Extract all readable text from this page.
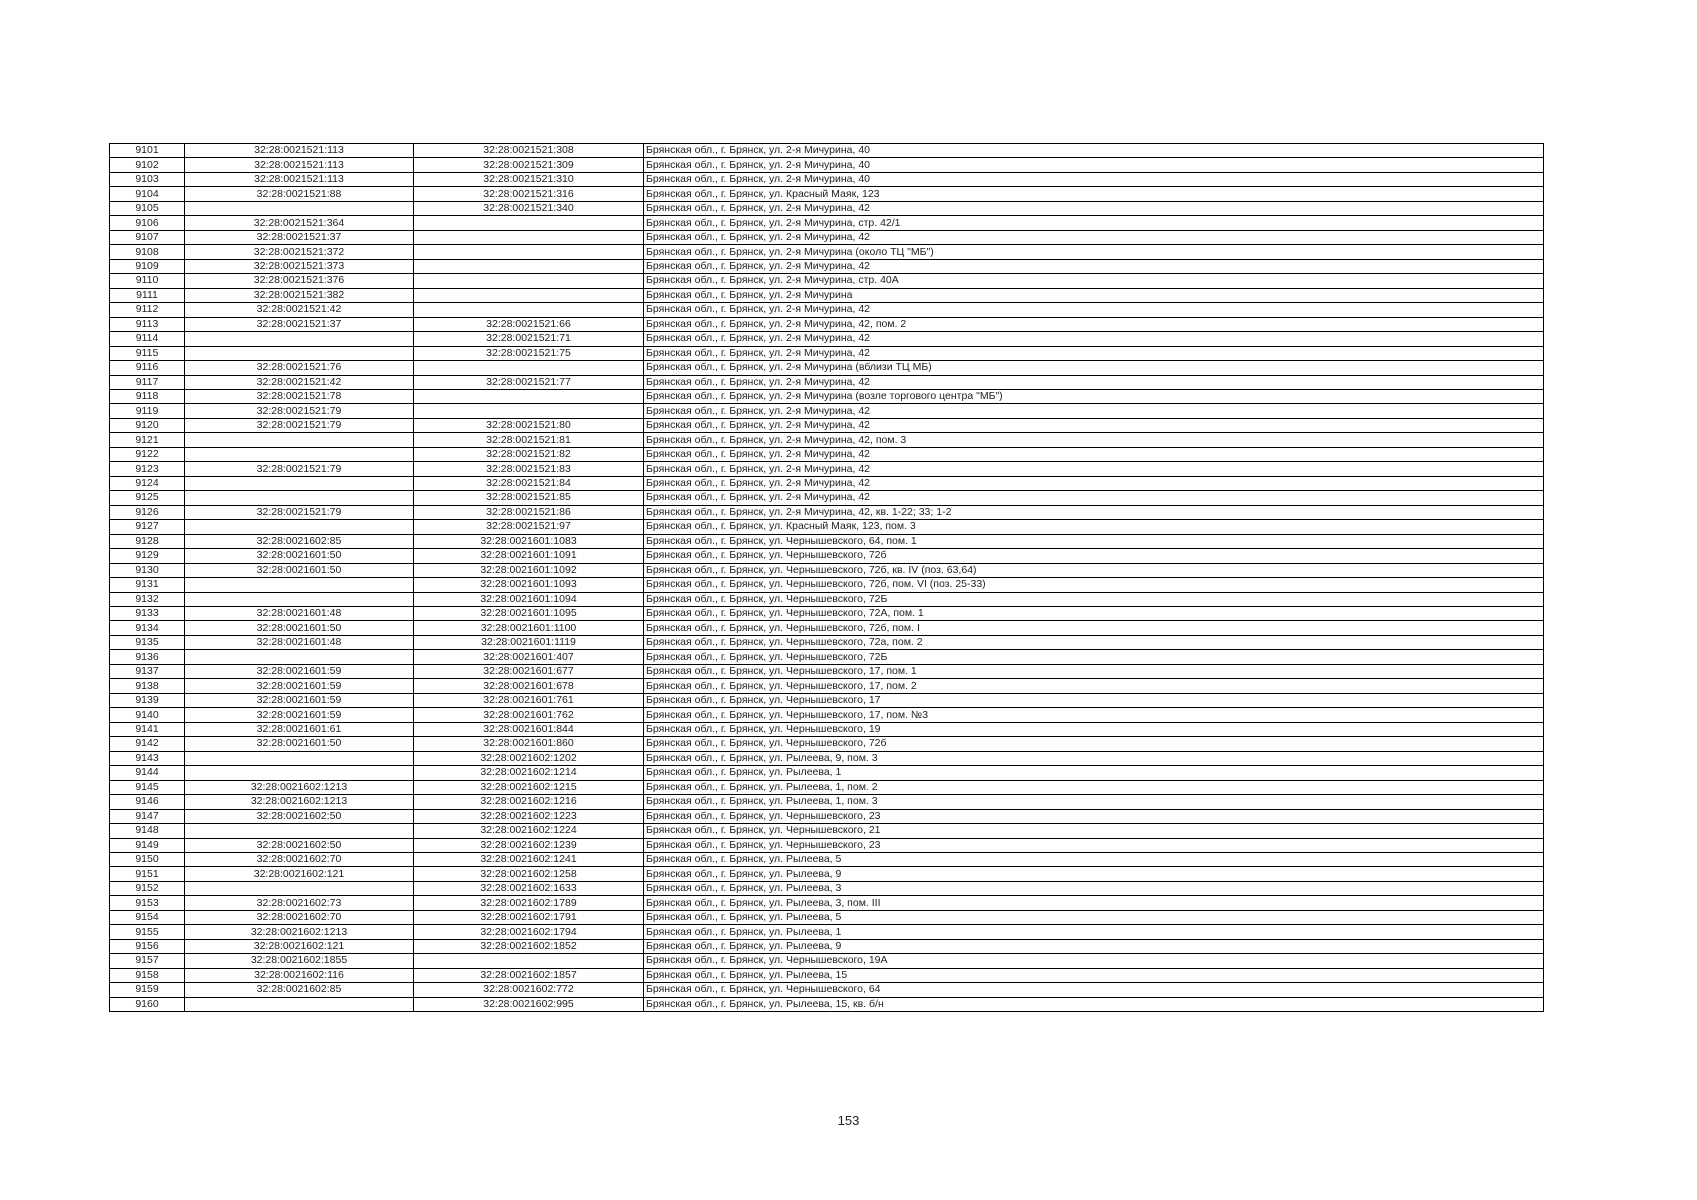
9101	32:28:0021521:113	32:28:0021521:308	Брянская обл., г. Брянск, ул. 2-я Мичурина, 40
9102	32:28:0021521:113	32:28:0021521:309	Брянская обл., г. Брянск, ул. 2-я Мичурина, 40
9103	32:28:0021521:113	32:28:0021521:310	Брянская обл., г. Брянск, ул. 2-я Мичурина, 40
9104	32:28:0021521:88	32:28:0021521:316	Брянская обл., г. Брянск, ул. Красный Маяк, 123
9105		32:28:0021521:340	Брянская обл., г. Брянск, ул. 2-я Мичурина, 42
9106	32:28:0021521:364		Брянская обл., г. Брянск, ул. 2-я Мичурина, стр. 42/1
9107	32:28:0021521:37		Брянская обл., г. Брянск, ул. 2-я Мичурина, 42
9108	32:28:0021521:372		Брянская обл., г. Брянск, ул. 2-я Мичурина (около ТЦ "МБ")
9109	32:28:0021521:373		Брянская обл., г. Брянск, ул. 2-я Мичурина, 42
9110	32:28:0021521:376		Брянская обл., г. Брянск, ул. 2-я Мичурина, стр. 40А
9111	32:28:0021521:382		Брянская обл., г. Брянск, ул. 2-я Мичурина
9112	32:28:0021521:42		Брянская обл., г. Брянск, ул. 2-я Мичурина, 42
9113	32:28:0021521:37	32:28:0021521:66	Брянская обл., г. Брянск, ул. 2-я Мичурина, 42, пом. 2
9114		32:28:0021521:71	Брянская обл., г. Брянск, ул. 2-я Мичурина, 42
9115		32:28:0021521:75	Брянская обл., г. Брянск, ул. 2-я Мичурина, 42
9116	32:28:0021521:76		Брянская обл., г. Брянск, ул. 2-я Мичурина (вблизи ТЦ МБ)
9117	32:28:0021521:42	32:28:0021521:77	Брянская обл., г. Брянск, ул. 2-я Мичурина, 42
9118	32:28:0021521:78		Брянская обл., г. Брянск, ул. 2-я Мичурина (возле торгового центра "МБ")
9119	32:28:0021521:79		Брянская обл., г. Брянск, ул. 2-я Мичурина, 42
9120	32:28:0021521:79	32:28:0021521:80	Брянская обл., г. Брянск, ул. 2-я Мичурина, 42
9121		32:28:0021521:81	Брянская обл., г. Брянск, ул. 2-я Мичурина, 42, пом. 3
9122		32:28:0021521:82	Брянская обл., г. Брянск, ул. 2-я Мичурина, 42
9123	32:28:0021521:79	32:28:0021521:83	Брянская обл., г. Брянск, ул. 2-я Мичурина, 42
9124		32:28:0021521:84	Брянская обл., г. Брянск, ул. 2-я Мичурина, 42
9125		32:28:0021521:85	Брянская обл., г. Брянск, ул. 2-я Мичурина, 42
9126	32:28:0021521:79	32:28:0021521:86	Брянская обл., г. Брянск, ул. 2-я Мичурина, 42, кв. 1-22; 33; 1-2
9127		32:28:0021521:97	Брянская обл., г. Брянск, ул. Красный Маяк, 123, пом. 3
9128	32:28:0021602:85	32:28:0021601:1083	Брянская обл., г. Брянск, ул. Чернышевского, 64, пом. 1
9129	32:28:0021601:50	32:28:0021601:1091	Брянская обл., г. Брянск, ул. Чернышевского, 72б
9130	32:28:0021601:50	32:28:0021601:1092	Брянская обл., г. Брянск, ул. Чернышевского, 72б, кв. IV (поз. 63,64)
9131		32:28:0021601:1093	Брянская обл., г. Брянск, ул. Чернышевского, 72б, пом. VI (поз. 25-33)
9132		32:28:0021601:1094	Брянская обл., г. Брянск, ул. Чернышевского, 72Б
9133	32:28:0021601:48	32:28:0021601:1095	Брянская обл., г. Брянск, ул. Чернышевского, 72А, пом. 1
9134	32:28:0021601:50	32:28:0021601:1100	Брянская обл., г. Брянск, ул. Чернышевского, 72б, пом. I
9135	32:28:0021601:48	32:28:0021601:1119	Брянская обл., г. Брянск, ул. Чернышевского, 72а, пом. 2
9136		32:28:0021601:407	Брянская обл., г. Брянск, ул. Чернышевского, 72Б
9137	32:28:0021601:59	32:28:0021601:677	Брянская обл., г. Брянск, ул. Чернышевского, 17, пом. 1
9138	32:28:0021601:59	32:28:0021601:678	Брянская обл., г. Брянск, ул. Чернышевского, 17, пом. 2
9139	32:28:0021601:59	32:28:0021601:761	Брянская обл., г. Брянск, ул. Чернышевского, 17
9140	32:28:0021601:59	32:28:0021601:762	Брянская обл., г. Брянск, ул. Чернышевского, 17, пом. №3
9141	32:28:0021601:61	32:28:0021601:844	Брянская обл., г. Брянск, ул. Чернышевского, 19
9142	32:28:0021601:50	32:28:0021601:860	Брянская обл., г. Брянск, ул. Чернышевского, 72б
9143		32:28:0021602:1202	Брянская обл., г. Брянск, ул. Рылеева, 9, пом. 3
9144		32:28:0021602:1214	Брянская обл., г. Брянск, ул. Рылеева, 1
9145	32:28:0021602:1213	32:28:0021602:1215	Брянская обл., г. Брянск, ул. Рылеева, 1, пом. 2
9146	32:28:0021602:1213	32:28:0021602:1216	Брянская обл., г. Брянск, ул. Рылеева, 1, пом. 3
9147	32:28:0021602:50	32:28:0021602:1223	Брянская обл., г. Брянск, ул. Чернышевского, 23
9148		32:28:0021602:1224	Брянская обл., г. Брянск, ул. Чернышевского, 21
9149	32:28:0021602:50	32:28:0021602:1239	Брянская обл., г. Брянск, ул. Чернышевского, 23
9150	32:28:0021602:70	32:28:0021602:1241	Брянская обл., г. Брянск, ул. Рылеева, 5
9151	32:28:0021602:121	32:28:0021602:1258	Брянская обл., г. Брянск, ул. Рылеева, 9
9152		32:28:0021602:1633	Брянская обл., г. Брянск, ул. Рылеева, 3
9153	32:28:0021602:73	32:28:0021602:1789	Брянская обл., г. Брянск, ул. Рылеева, 3, пом. III
9154	32:28:0021602:70	32:28:0021602:1791	Брянская обл., г. Брянск, ул. Рылеева, 5
9155	32:28:0021602:1213	32:28:0021602:1794	Брянская обл., г. Брянск, ул. Рылеева, 1
9156	32:28:0021602:121	32:28:0021602:1852	Брянская обл., г. Брянск, ул. Рылеева, 9
9157	32:28:0021602:1855		Брянская обл., г. Брянск, ул. Чернышевского, 19А
9158	32:28:0021602:116	32:28:0021602:1857	Брянская обл., г. Брянск, ул. Рылеева, 15
9159	32:28:0021602:85	32:28:0021602:772	Брянская обл., г. Брянск, ул. Чернышевского, 64
9160		32:28:0021602:995	Брянская обл., г. Брянск, ул. Рылеева, 15, кв. б/н
153
